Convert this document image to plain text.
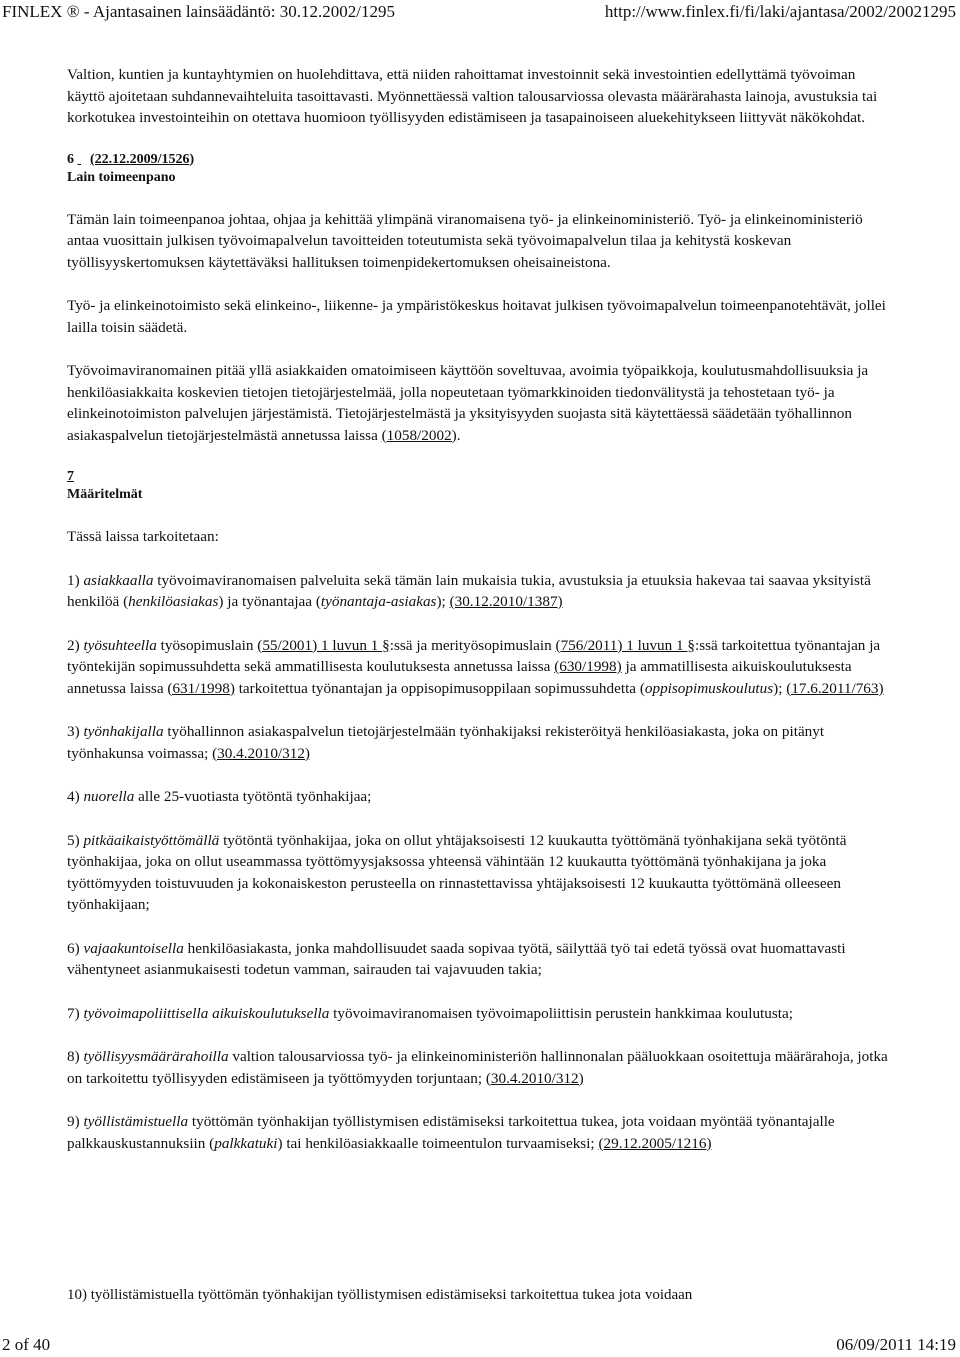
FINLEX ® - Ajantasainen lainsäädäntö: 30.12.2002/1295	http://www.finlex.fi/fi/laki/ajantasa/2002/20021295

Valtion, kuntien ja kuntayhtymien on huolehdittava, että niiden rahoittamat investoinnit sekä investointien edellyttämä työvoiman käyttö ajoitetaan suhdannevaihteluita tasoittavasti. Myönnettäessä valtion talousarviossa olevasta määrärahasta lainoja, avustuksia tai korkotukea investointeihin on otettava huomioon työllisyyden edistämiseen ja tasapainoiseen aluekehitykseen liittyvät näkökohdat.

6 (22.12.2009/1526)
Lain toimeenpano

Tämän lain toimeenpanoa johtaa, ohjaa ja kehittää ylimpänä viranomaisena työ- ja elinkeinoministeriö. Työ- ja elinkeinoministeriö antaa vuosittain julkisen työvoimapalvelun tavoitteiden toteutumista sekä työvoimapalvelun tilaa ja kehitystä koskevan työllisyyskertomuksen käytettäväksi hallituksen toimenpidekertomuksen oheisaineistona.

Työ- ja elinkeinotoimisto sekä elinkeino-, liikenne- ja ympäristökeskus hoitavat julkisen työvoimapalvelun toimeenpanotehtävät, jollei lailla toisin säädetä.

Työvoimaviranomainen pitää yllä asiakkaiden omatoimiseen käyttöön soveltuvaa, avoimia työpaikkoja, koulutusmahdollisuuksia ja henkilöasiakkaita koskevien tietojen tietojärjestelmää, jolla nopeutetaan työmarkkinoiden tiedonvälitystä ja tehostetaan työ- ja elinkeinotoimiston palvelujen järjestämistä. Tietojärjestelmästä ja yksityisyyden suojasta sitä käytettäessä säädetään työhallinnon asiakaspalvelun tietojärjestelmästä annetussa laissa (1058/2002).

7
Määritelmät

Tässä laissa tarkoitetaan:

1) asiakkaalla työvoimaviranomaisen palveluita sekä tämän lain mukaisia tukia, avustuksia ja etuuksia hakevaa tai saavaa yksityistä henkilöä (henkilöasiakas) ja työnantajaa (työnantaja-asiakas); (30.12.2010/1387)

2) työsuhteella työsopimuslain (55/2001) 1 luvun 1 §:ssä ja merityösopimuslain (756/2011) 1 luvun 1 §:ssä tarkoitettua työnantajan ja työntekijän sopimussuhdetta sekä ammatillisesta koulutuksesta annetussa laissa (630/1998) ja ammatillisesta aikuiskoulutuksesta annetussa laissa (631/1998) tarkoitettua työnantajan ja oppisopimusoppilaan sopimussuhdetta (oppisopimuskoulutus); (17.6.2011/763)

3) työnhakijalla työhallinnon asiakaspalvelun tietojärjestelmään työnhakijaksi rekisteröityä henkilöasiakasta, joka on pitänyt työnhakunsa voimassa; (30.4.2010/312)

4) nuorella alle 25-vuotiasta työtöntä työnhakijaa;

5) pitkäaikaistyöttömällä työtöntä työnhakijaa, joka on ollut yhtäjaksoisesti 12 kuukautta työttömänä työnhakijana sekä työtöntä työnhakijaa, joka on ollut useammassa työttömyysjaksossa yhteensä vähintään 12 kuukautta työttömänä työnhakijana ja joka työttömyyden toistuvuuden ja kokonaiskeston perusteella on rinnastettavissa yhtäjaksoisesti 12 kuukautta työttömänä olleeseen työnhakijaan;

6) vajaakuntoisella henkilöasiakasta, jonka mahdollisuudet saada sopivaa työtä, säilyttää työ tai edetä työssä ovat huomattavasti vähentyneet asianmukaisesti todetun vamman, sairauden tai vajavuuden takia;

7) työvoimapoliittisella aikuiskoulutuksella työvoimaviranomaisen työvoimapoliittisin perustein hankkimaa koulutusta;

8) työllisyysmäärärahoilla valtion talousarviossa työ- ja elinkeinoministeriön hallinnonalan pääluokkaan osoitettuja määrärahoja, jotka on tarkoitettu työllisyyden edistämiseen ja työttömyyden torjuntaan; (30.4.2010/312)

9) työllistämistuella työttömän työnhakijan työllistymisen edistämiseksi tarkoitettua tukea, jota voidaan myöntää työnantajalle palkkauskustannuksiin (palkkatuki) tai henkilöasiakkaalle toimeentulon turvaamiseksi; (29.12.2005/1216)

10) työllistämistuella työttömän työnhakijan työllistymisen edistämiseksi tarkoitettua tukea jota voidaan
2 of 40	06/09/2011 14:19
